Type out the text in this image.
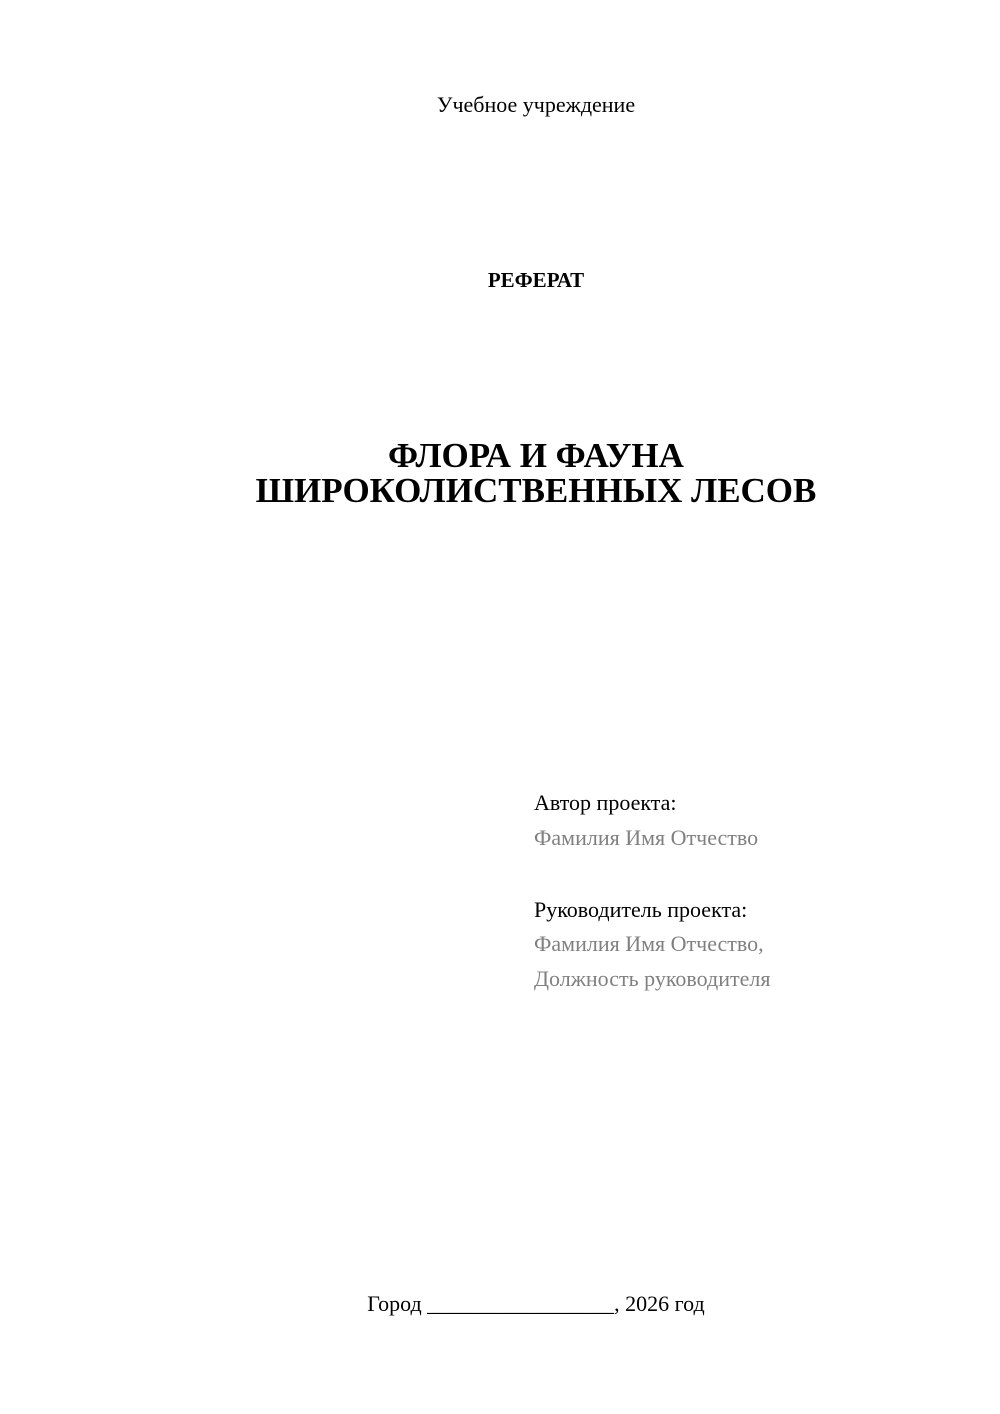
Учебное учреждение
РЕФЕРАТ
ФЛОРА И ФАУНА
ШИРОКОЛИСТВЕННЫХ ЛЕСОВ
Автор проекта:
Фамилия Имя Отчество
Руководитель проекта:
Фамилия Имя Отчество,
Должность руководителя
Город _________________, 2026 год
